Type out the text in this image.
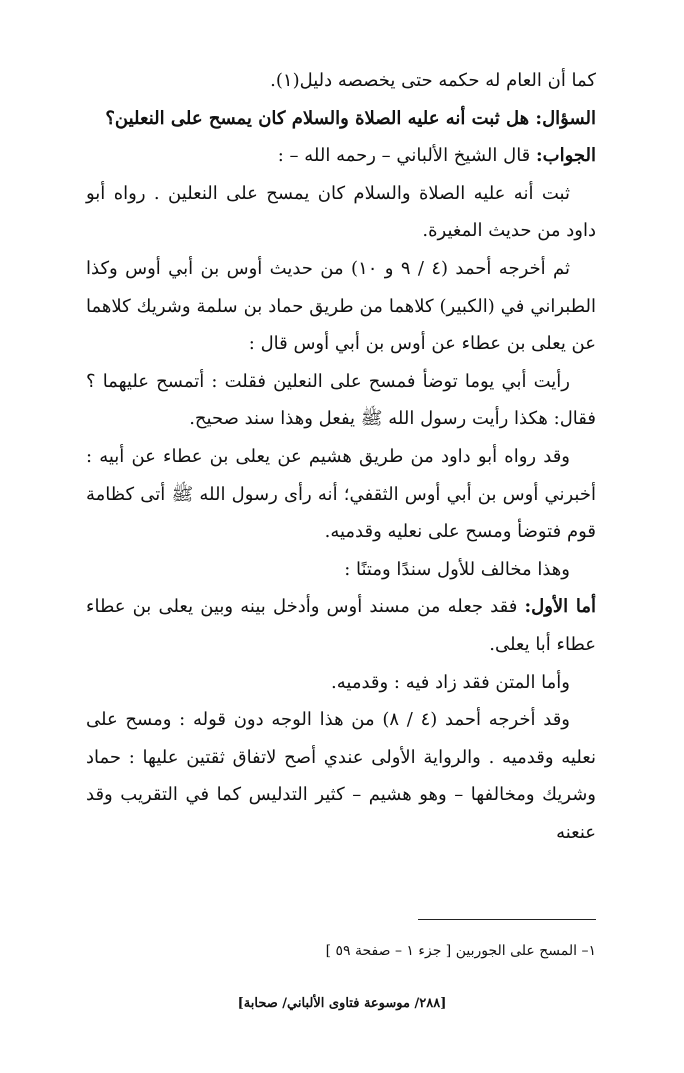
كما أن العام له حكمه حتى يخصصه دليل(١).

السؤال: هل ثبت أنه عليه الصلاة والسلام كان يمسح على النعلين؟

الجواب: قال الشيخ الألباني – رحمه الله – :

ثبت أنه عليه الصلاة والسلام كان يمسح على النعلين . رواه أبو داود من حديث المغيرة.

ثم أخرجه أحمد (٤ / ٩ و ١٠) من حديث أوس بن أبي أوس وكذا الطبراني في (الكبير) كلاهما من طريق حماد بن سلمة وشريك كلاهما عن يعلى بن عطاء عن أوس بن أبي أوس قال :

رأيت أبي يوما توضأ فمسح على النعلين فقلت : أتمسح عليهما ؟ فقال: هكذا رأيت رسول الله ﷺ يفعل وهذا سند صحيح.

وقد رواه أبو داود من طريق هشيم عن يعلى بن عطاء عن أبيه : أخبرني أوس بن أبي أوس الثقفي؛ أنه رأى رسول الله ﷺ أتى كظامة قوم فتوضأ ومسح على نعليه وقدميه.

وهذا مخالف للأول سندًا ومتنًا :

أما الأول: فقد جعله من مسند أوس وأدخل بينه وبين يعلى بن عطاء عطاء أبا يعلى.

وأما المتن فقد زاد فيه : وقدميه.

وقد أخرجه أحمد (٤ / ٨) من هذا الوجه دون قوله : ومسح على نعليه وقدميه . والرواية الأولى عندي أصح لاتفاق ثقتين عليها : حماد وشريك ومخالفها – وهو هشيم – كثير التدليس كما في التقريب وقد عنعنه

١– المسح على الجوربين [ جزء ١ – صفحة ٥٩ ]
[٢٨٨/ موسوعة فتاوى الألباني/ صحابة]
